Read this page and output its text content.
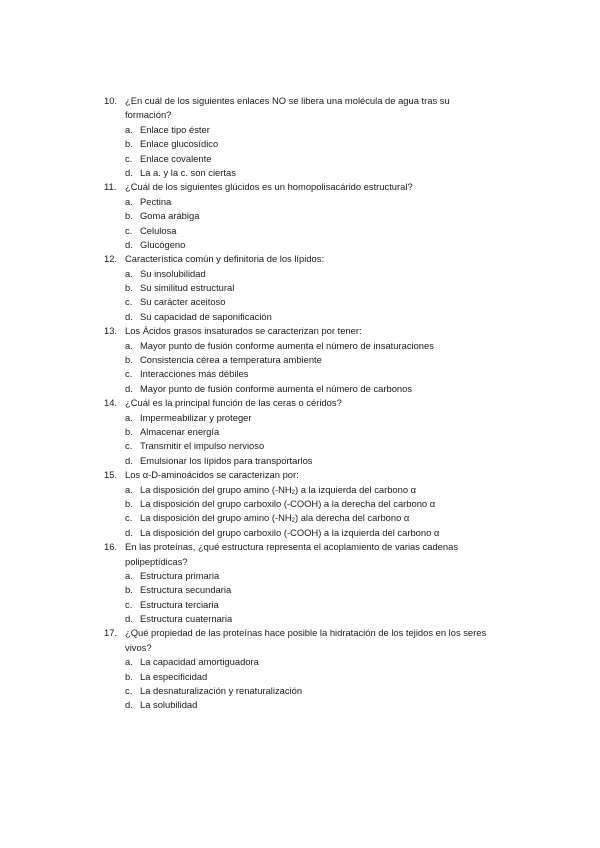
10. ¿En cuál de los siguientes enlaces NO se libera una molécula de agua tras su
formación?
a. Enlace tipo éster
b. Enlace glucosídico
c. Enlace covalente
d. La a. y la c. son ciertas
11. ¿Cuál de los siguientes glúcidos es un homopolisacárido estructural?
a. Pectina
b. Goma arábiga
c. Celulosa
d. Glucógeno
12. Característica común y definitoria de los lípidos:
a. Su insolubilidad
b. Su similitud estructural
c. Su carácter aceitoso
d. Su capacidad de saponificación
13. Los Ácidos grasos insaturados se caracterizan por tener:
a. Mayor punto de fusión conforme aumenta el número de insaturaciones
b. Consistencia cérea a temperatura ambiente
c. Interacciones más débiles
d. Mayor punto de fusión conforme aumenta el número de carbonos
14. ¿Cuál es la principal función de las ceras o céridos?
a. Impermeabilizar y proteger
b. Almacenar energía
c. Transmitir el impulso nervioso
d. Emulsionar los lípidos para transportarlos
15. Los α-D-aminoácidos se caracterizan por:
a. La disposición del grupo amino $(-NH_2)$ a la izquierda del carbono α
b. La disposición del grupo carboxilo (-COOH) a la derecha del carbono α
c. La disposición del grupo amino $(-NH_2)$ ala derecha del carbono α
d. La disposición del grupo carboxilo (-COOH) a la izquierda del carbono α
16. En las proteínas, ¿qué estructura representa el acoplamiento de varias cadenas
polipeptídicas?
a. Estructura primaria
b. Estructura secundaria
c. Estructura terciaria
d. Estructura cuaternaria
17. ¿Qué propiedad de las proteínas hace posible la hidratación de los tejidos en los seres
vivos?
a. La capacidad amortiguadora
b. La especificidad
c. La desnaturalización y renaturalización
d. La solubilidad
